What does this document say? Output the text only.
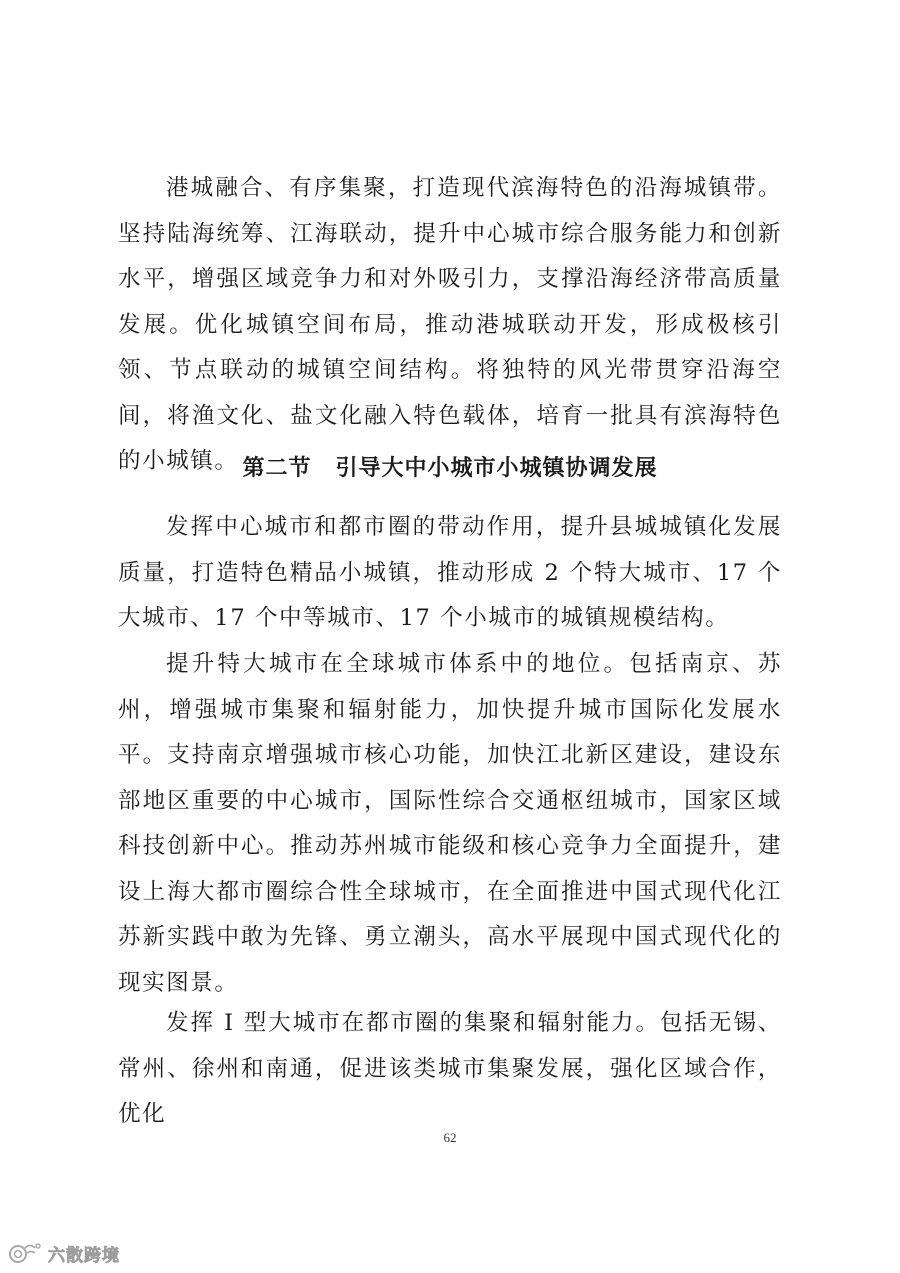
港城融合、有序集聚，打造现代滨海特色的沿海城镇带。坚持陆海统筹、江海联动，提升中心城市综合服务能力和创新水平，增强区域竞争力和对外吸引力，支撑沿海经济带高质量发展。优化城镇空间布局，推动港城联动开发，形成极核引领、节点联动的城镇空间结构。将独特的风光带贯穿沿海空间，将渔文化、盐文化融入特色载体，培育一批具有滨海特色的小城镇。 第二节 引导大中小城市小城镇协调发展

发挥中心城市和都市圈的带动作用，提升县城城镇化发展质量，打造特色精品小城镇，推动形成 2 个特大城市、17 个大城市、17 个中等城市、17 个小城市的城镇规模结构。

提升特大城市在全球城市体系中的地位。包括南京、苏州，增强城市集聚和辐射能力，加快提升城市国际化发展水平。支持南京增强城市核心功能，加快江北新区建设，建设东部地区重要的中心城市，国际性综合交通枢纽城市，国家区域科技创新中心。推动苏州城市能级和核心竞争力全面提升，建设上海大都市圈综合性全球城市，在全面推进中国式现代化江苏新实践中敢为先锋、勇立潮头，高水平展现中国式现代化的现实图景。

发挥 I 型大城市在都市圈的集聚和辐射能力。包括无锡、常州、徐州和南通，促进该类城市集聚发展，强化区域合作，优化

62
六散跨境
